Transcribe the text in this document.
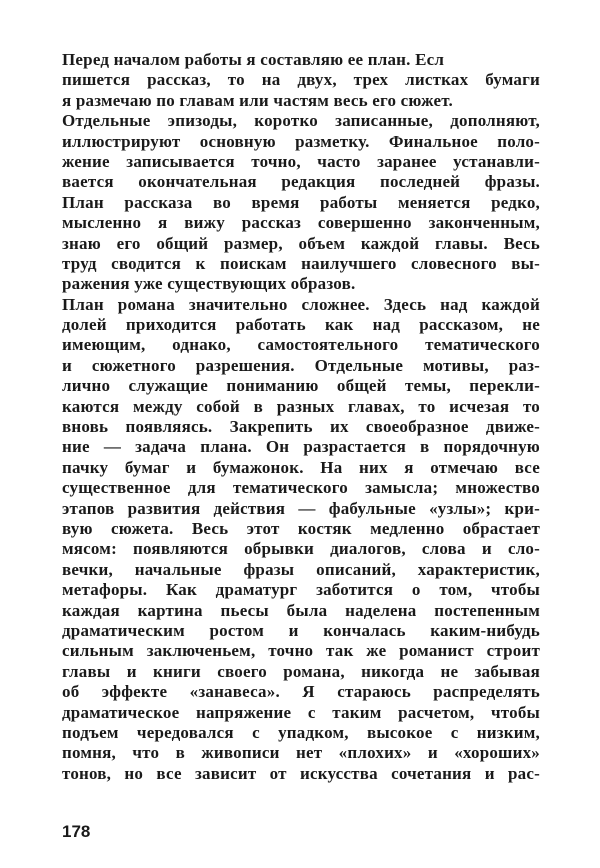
Перед началом работы я составляю ее план. Есл
пишется рассказ, то на двух, трех листках бумаги
я размечаю по главам или частям весь его сюжет.
Отдельные эпизоды, коротко записанные, дополняют,
иллюстрируют основную разметку. Финальное поло-
жение записывается точно, часто заранее устанавли-
вается окончательная редакция последней фразы.
План рассказа во время работы меняется редко,
мысленно я вижу рассказ совершенно законченным,
знаю его общий размер, объем каждой главы. Весь
труд сводится к поискам наилучшего словесного вы-
ражения уже существующих образов.
План романа значительно сложнее. Здесь над каждой
долей приходится работать как над рассказом, не
имеющим, однако, самостоятельного тематического
и сюжетного разрешения. Отдельные мотивы, раз-
лично служащие пониманию общей темы, перекли-
каются между собой в разных главах, то исчезая то
вновь появляясь. Закрепить их своеобразное движе-
ние — задача плана. Он разрастается в порядочную
пачку бумаг и бумажонок. На них я отмечаю все
существенное для тематического замысла; множество
этапов развития действия — фабульные «узлы»; кри-
вую сюжета. Весь этот костяк медленно обрастает
мясом: появляются обрывки диалогов, слова и сло-
вечки, начальные фразы описаний, характеристик,
метафоры. Как драматург заботится о том, чтобы
каждая картина пьесы была наделена постепенным
драматическим ростом и кончалась каким-нибудь
сильным заключеньем, точно так же романист строит
главы и книги своего романа, никогда не забывая
об эффекте «занавеса». Я стараюсь распределять
драматическое напряжение с таким расчетом, чтобы
подъем чередовался с упадком, высокое с низким,
помня, что в живописи нет «плохих» и «хороших»
тонов, но все зависит от искусства сочетания и рас-
178
